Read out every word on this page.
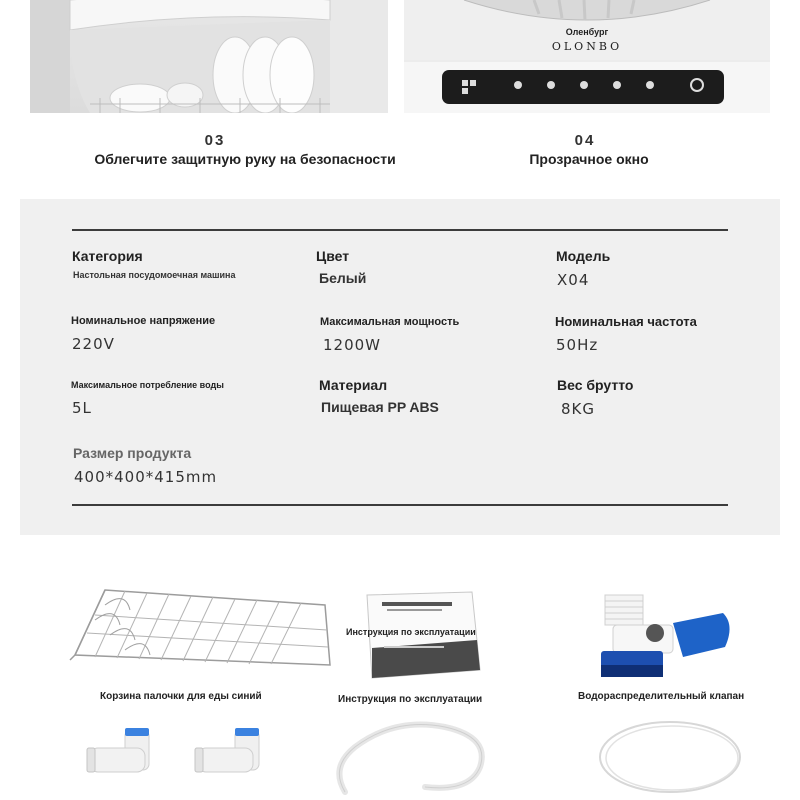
Оленбург
OLONBO
03
Облегчите защитную руку на безопасности
04
Прозрачное окно
Категория
Настольная посудомоечная машина
Цвет
Белый
Модель
X04
Номинальное напряжение
220V
Максимальная мощность
1200W
Номинальная частота
50Hz
Максимальное потребление воды
5L
Материал
Пищевая PP ABS
Вес брутто
8KG
Размер продукта
400*400*415mm
Инструкция по эксплуатации
Корзина палочки для еды синий	Инструкция по эксплуатации	Водораспределительный клапан
